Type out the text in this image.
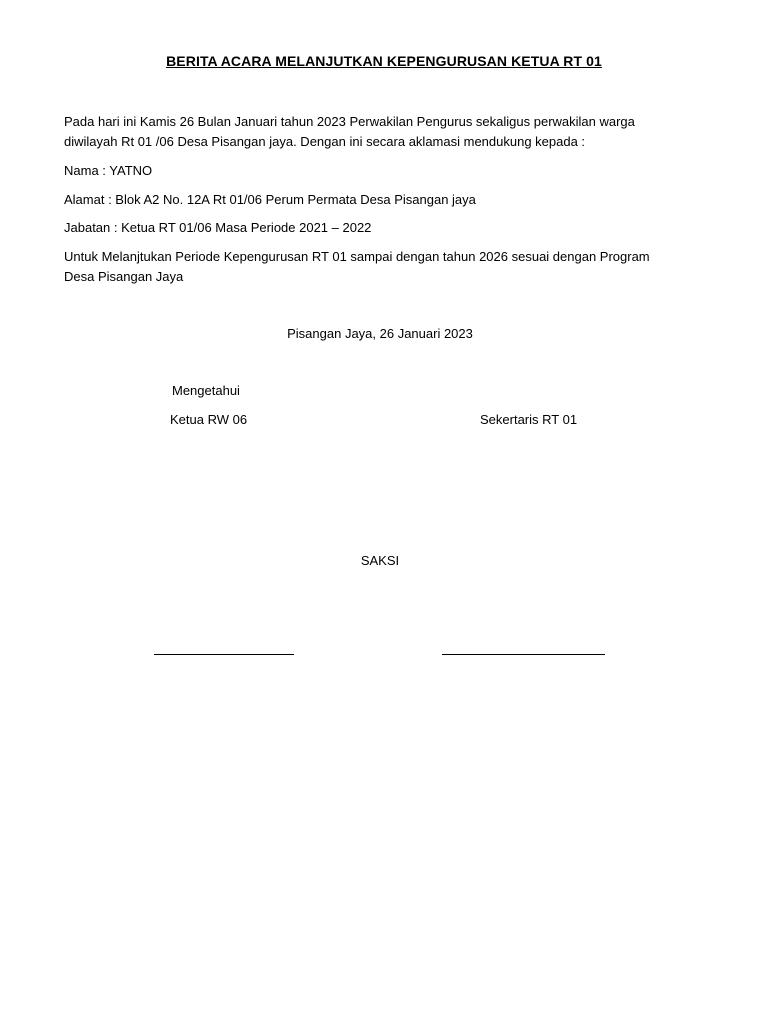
BERITA ACARA MELANJUTKAN KEPENGURUSAN KETUA RT 01
Pada hari ini Kamis 26 Bulan Januari tahun 2023 Perwakilan Pengurus sekaligus perwakilan warga
diwilayah Rt 01 /06 Desa Pisangan jaya. Dengan ini secara aklamasi mendukung kepada :
Nama : YATNO
Alamat : Blok A2 No. 12A Rt 01/06 Perum Permata Desa Pisangan jaya
Jabatan : Ketua RT 01/06 Masa Periode 2021 – 2022
Untuk Melanjtukan Periode Kepengurusan RT 01 sampai dengan tahun 2026 sesuai dengan Program
Desa Pisangan Jaya
Pisangan Jaya, 26 Januari 2023
Mengetahui
Ketua RW 06	Sekertaris RT 01
SAKSI
